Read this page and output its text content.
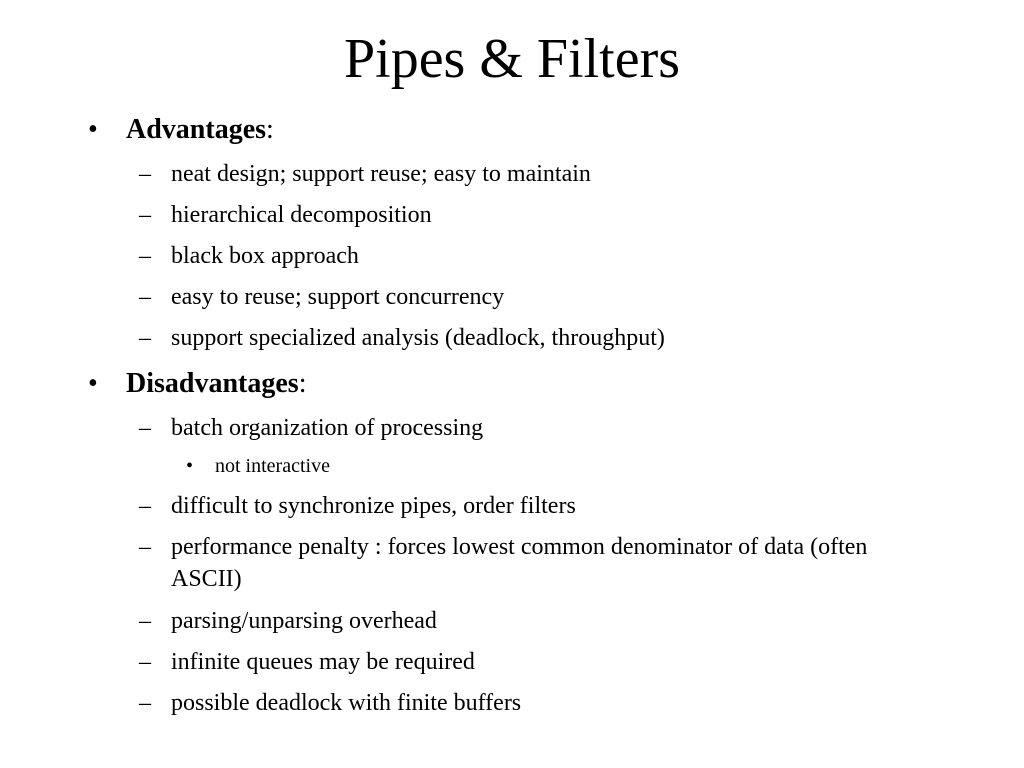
Pipes & Filters
• Advantages:
– neat design; support reuse; easy to maintain
– hierarchical decomposition
– black box approach
– easy to reuse; support concurrency
– support specialized analysis (deadlock, throughput)
• Disadvantages:
– batch organization of processing
• not interactive
– difficult to synchronize pipes, order filters
– performance penalty : forces lowest common denominator of data (often ASCII)
– parsing/unparsing overhead
– infinite queues may be required
– possible deadlock with finite buffers
